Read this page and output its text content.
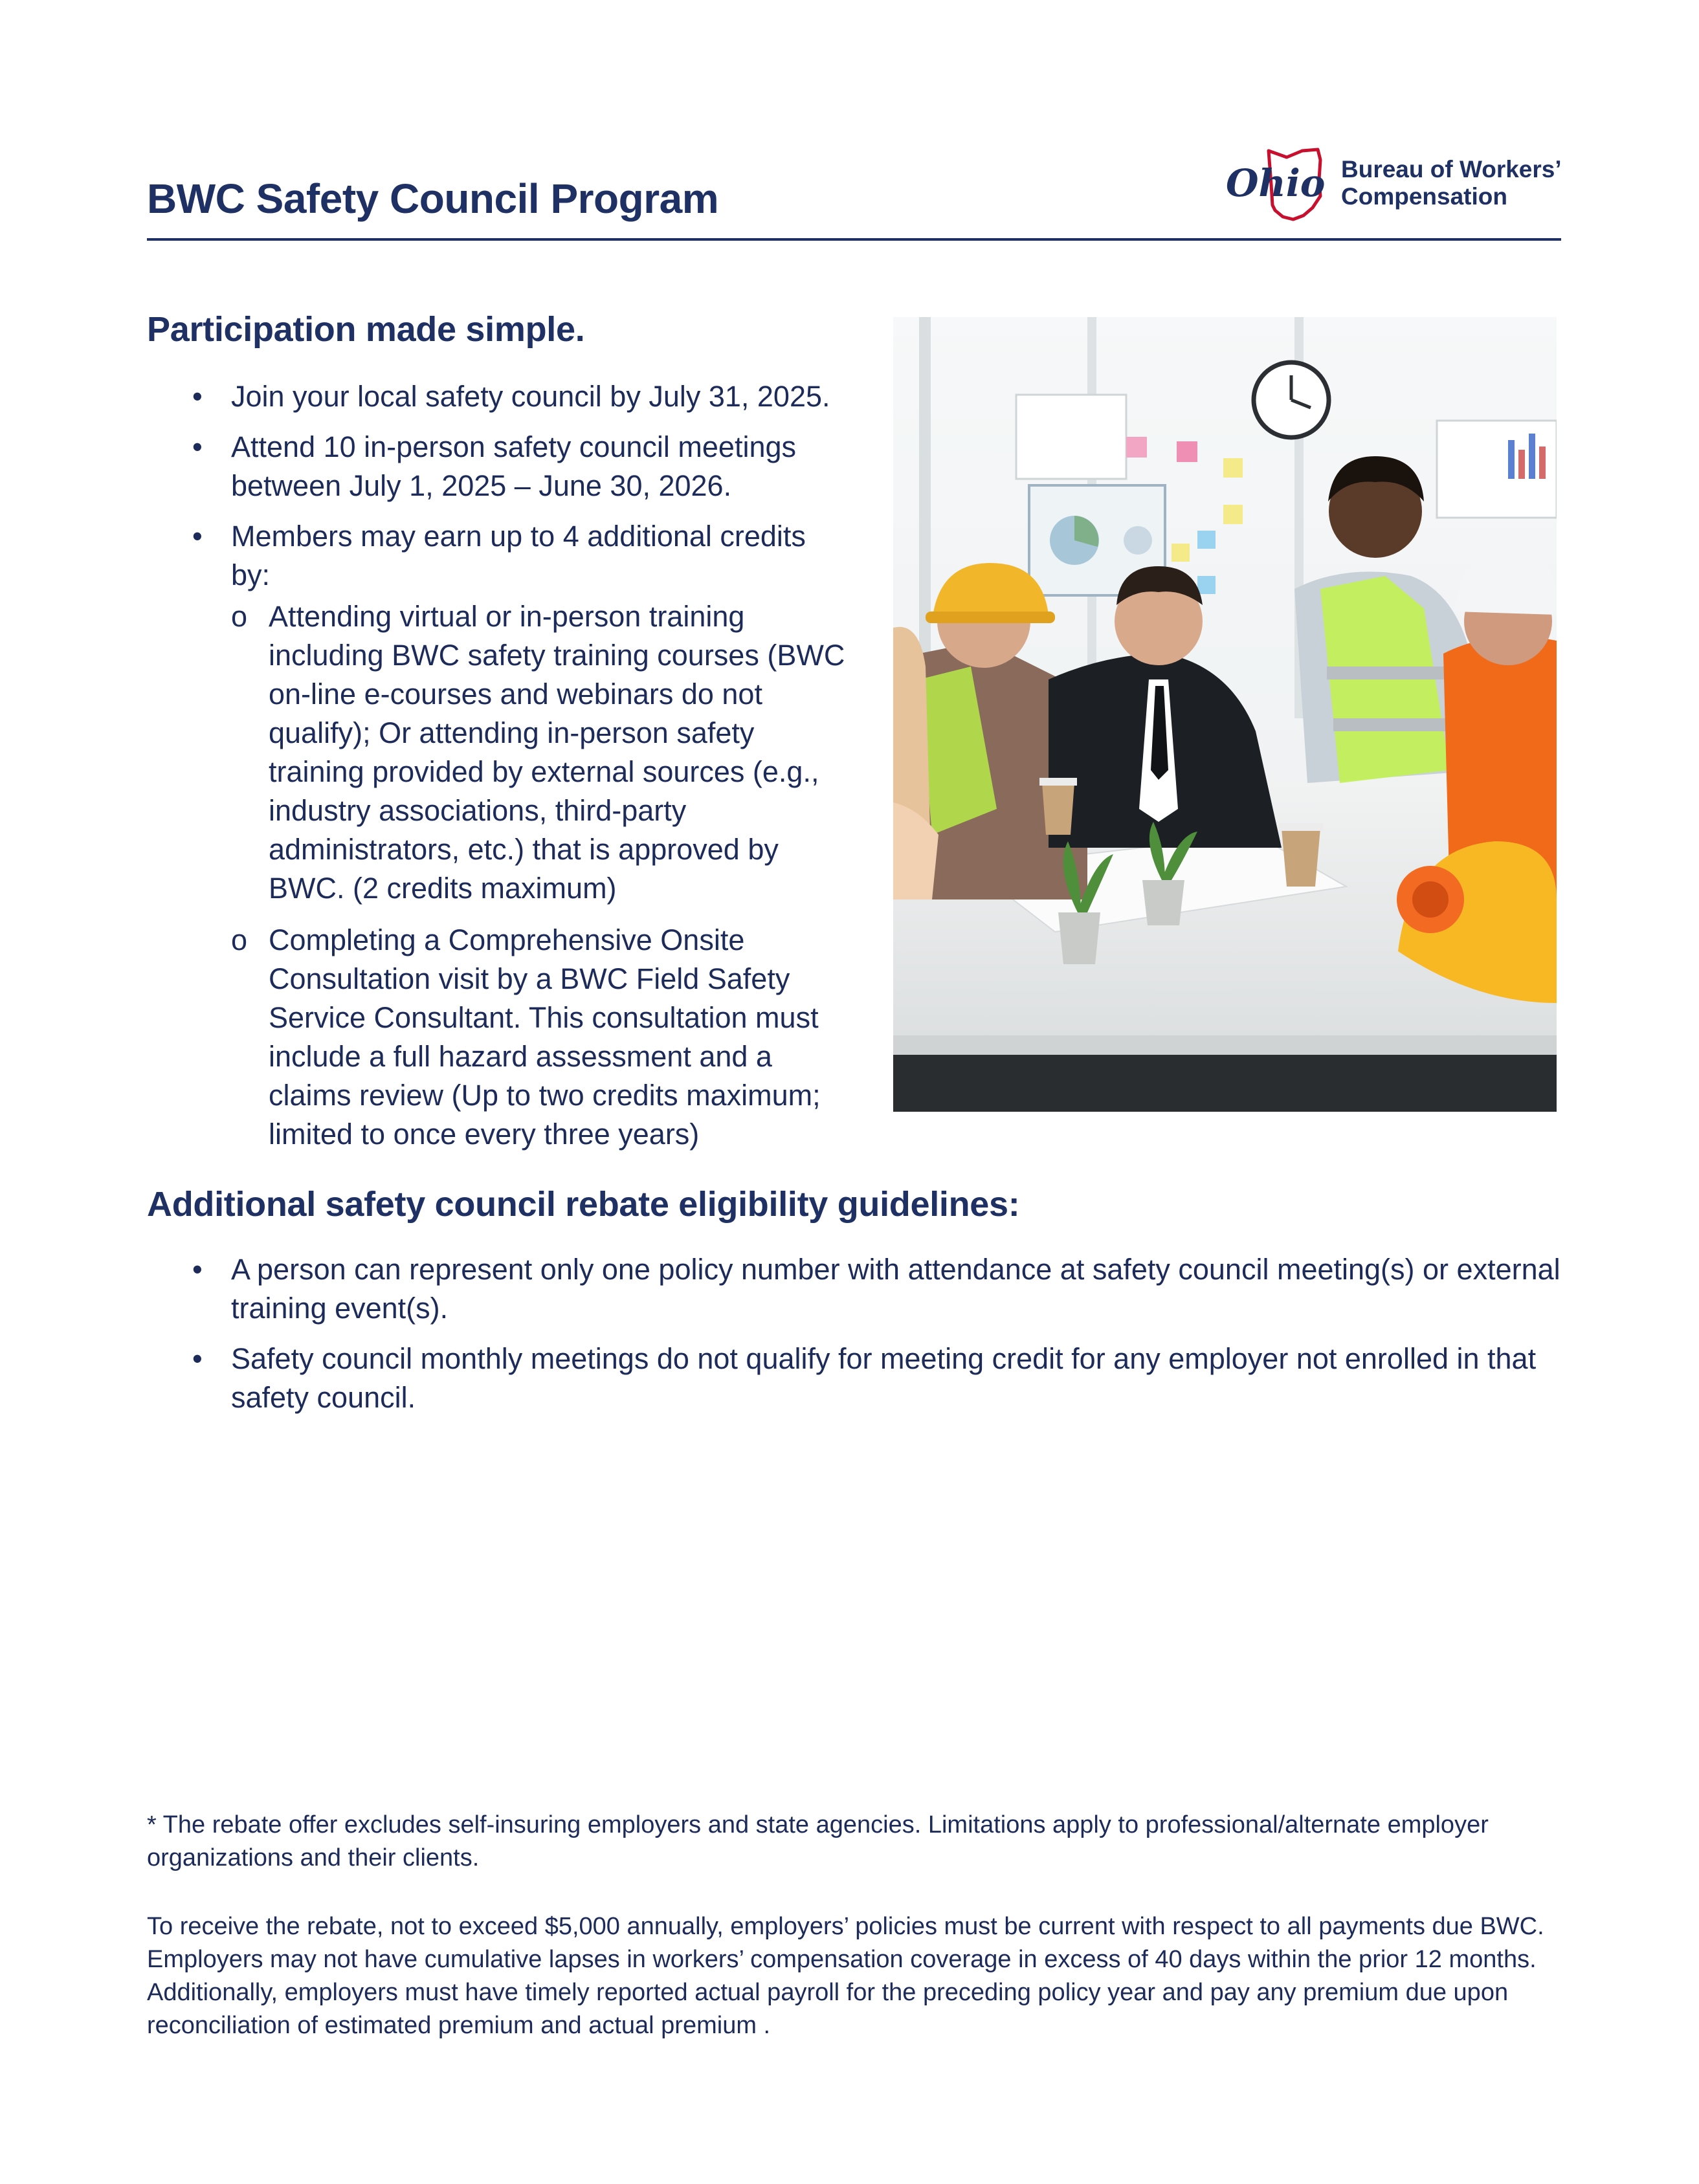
BWC Safety Council Program	Ohio Bureau of Workers’
Compensation
Participation made simple.
• Join your local safety council by July 31, 2025.
• Attend 10 in-person safety council meetings between July 1, 2025 – June 30, 2026.
• Members may earn up to 4 additional credits by:
o Attending virtual or in-person training including BWC safety training courses (BWC on-line e-courses and webinars do not qualify); Or attending in-person safety training provided by external sources (e.g., industry associations, third-party administrators, etc.) that is approved by BWC. (2 credits maximum)
o Completing a Comprehensive Onsite Consultation visit by a BWC Field Safety Service Consultant. This consultation must include a full hazard assessment and a claims review (Up to two credits maximum; limited to once every three years)
Additional safety council rebate eligibility guidelines:
• A person can represent only one policy number with attendance at safety council meeting(s) or external training event(s).
• Safety council monthly meetings do not qualify for meeting credit for any employer not enrolled in that safety council.

* The rebate offer excludes self-insuring employers and state agencies. Limitations apply to professional/alternate employer organizations and their clients.

To receive the rebate, not to exceed $5,000 annually, employers’ policies must be current with respect to all payments due BWC. Employers may not have cumulative lapses in workers’ compensation coverage in excess of 40 days within the prior 12 months. Additionally, employers must have timely reported actual payroll for the preceding policy year and pay any premium due upon reconciliation of estimated premium and actual premium .
